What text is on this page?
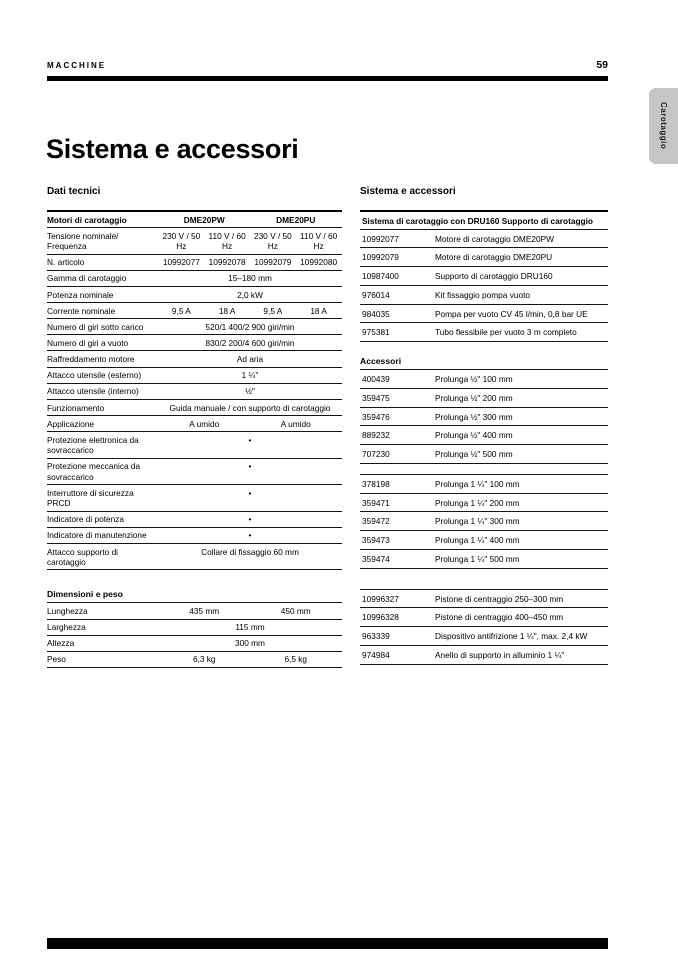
MACCHINE	59
Carotaggio
Sistema e accessori
Dati tecnici
Motori di carotaggio	DME20PW		DME20PU	
Tensione nominale/ Frequenza	230 V / 50 Hz	110 V / 60 Hz	230 V / 50 Hz	110 V / 60 Hz
N. articolo	10992077	10992078	10992079	10992080
Gamma di carotaggio	15–180 mm			
Potenza nominale	2,0 kW			
Corrente nominale	9,5 A	18 A	9,5 A	18 A
Numero di giri sotto carico	520/1 400/2 900 giri/min			
Numero di giri a vuoto	830/2 200/4 600 giri/min			
Raffreddamento motore	Ad aria			
Attacco utensile (esterno)	1 ¼"			
Attacco utensile (interno)	½"			
Funzionamento	Guida manuale / con supporto di carotaggio			
Applicazione	A umido		A umido	
Protezione elettronica da sovraccarico	•			
Protezione meccanica da sovraccarico	•			
Interruttore di sicurezza PRCD	•			
Indicatore di potenza	•			
Indicatore di manutenzione	•			
Attacco supporto di carotaggio	Collare di fissaggio 60 mm			
Dimensioni e peso
Lunghezza	435 mm	450 mm
Larghezza	115 mm	
Altezza	300 mm	
Peso	6,3 kg	6,5 kg
Sistema e accessori
Sistema di carotaggio con DRU160 Supporto di carotaggio
10992077	Motore di carotaggio DME20PW
10992079	Motore di carotaggio DME20PU
10987400	Supporto di carotaggio DRU160
976014	Kit fissaggio pompa vuoto
984035	Pompa per vuoto CV 45 l/min, 0,8 bar UE
975381	Tubo flessibile per vuoto 3 m completo
Accessori
400439	Prolunga ½" 100 mm
359475	Prolunga ½" 200 mm
359476	Prolunga ½" 300 mm
889232	Prolunga ½" 400 mm
707230	Prolunga ½" 500 mm
378198	Prolunga 1 ¼" 100 mm
359471	Prolunga 1 ¼" 200 mm
359472	Prolunga 1 ¼" 300 mm
359473	Prolunga 1 ¼" 400 mm
359474	Prolunga 1 ¼" 500 mm
10996327	Pistone di centraggio 250–300 mm
10996328	Pistone di centraggio 400–450 mm
963339	Dispositivo antifrizione 1 ¼", max. 2,4 kW
974984	Anello di supporto in alluminio 1 ¼"
